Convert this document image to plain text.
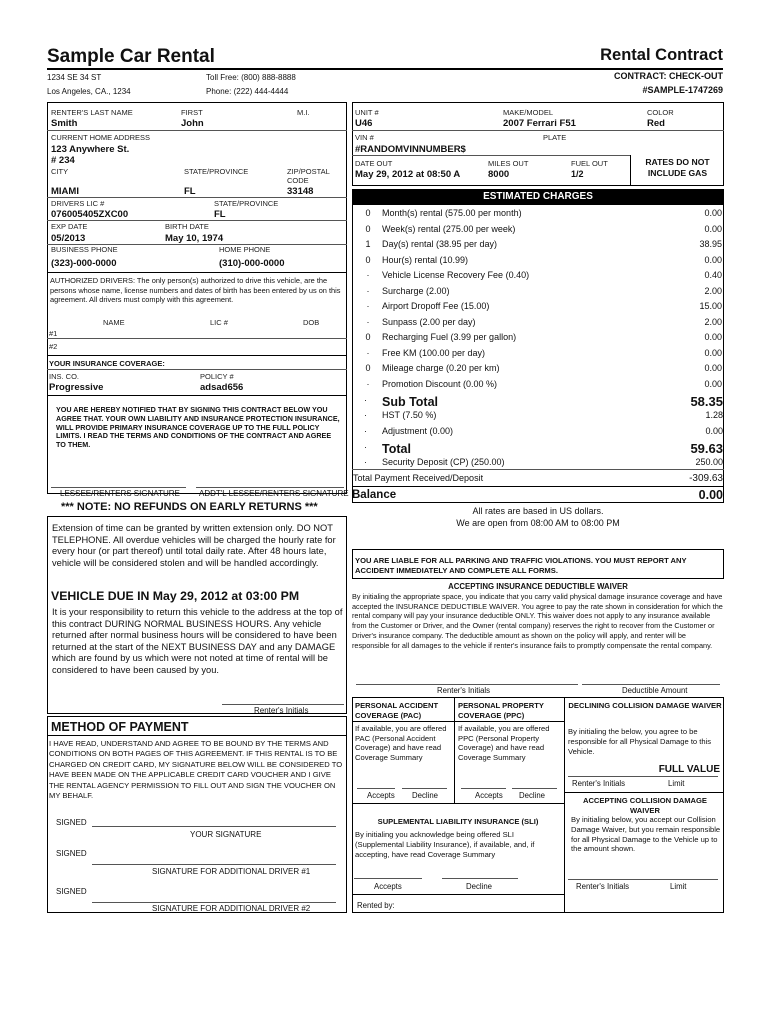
Sample Car Rental	Rental Contract
1234 SE 34 ST
Los Angeles, CA., 1234
Toll Free: (800) 888-8888
Phone: (222) 444-4444
CONTRACT: CHECK-OUT
#SAMPLE-1747269
RENTER'S LAST NAME	FIRST	M.I.
Smith	John
CURRENT HOME ADDRESS
123 Anywhere St.
# 234
CITY	STATE/PROVINCE	ZIP/POSTAL
CODE
MIAMI	FL	33148
DRIVERS LIC #	STATE/PROVINCE
076005405ZXC00	FL
EXP DATE	BIRTH DATE
05/2013	May 10, 1974
BUSINESS PHONE	HOME PHONE
(323)-000-0000	(310)-000-0000
AUTHORIZED DRIVERS: The only person(s) authorized to drive this vehicle, are the persons whose name, license numbers and dates of birth has been entered by us on this agreement. All drivers must comply with this agreement.
NAME	LIC #	DOB
#1
#2
YOUR INSURANCE COVERAGE:
INS. CO.	POLICY #
Progressive	adsad656
YOU ARE HEREBY NOTIFIED THAT BY SIGNING THIS CONTRACT BELOW YOU AGREE THAT. YOUR OWN LIABILITY AND INSURANCE PROTECTION INSURANCE, WILL PROVIDE PRIMARY INSURANCE COVERAGE UP TO THE FULL POLICY LIMITS. I READ THE TERMS AND CONDITIONS OF THE CONTRACT AND AGREE TO THEM.
LESSEE/RENTERS SIGNATURE ADDT'L LESSEE/RENTERS SIGNATURE
*** NOTE: NO REFUNDS ON EARLY RETURNS ***
Extension of time can be granted by written extension only. DO NOT TELEPHONE. All overdue vehicles will be charged the hourly rate for every hour (or part thereof) until total daily rate. After 48 hours late, vehicle will be considered stolen and will be handled accordingly.
VEHICLE DUE IN May 29, 2012 at 03:00 PM
It is your responsibility to return this vehicle to the address at the top of this contract DURING NORMAL BUSINESS HOURS. Any vehicle returned after normal business hours will be considered to have been returned at the start of the NEXT BUSINESS DAY and any DAMAGE which are found by us which were not noted at time of rental will be considered to have been caused by you.
Renter's Initials
METHOD OF PAYMENT
I HAVE READ, UNDERSTAND AND AGREE TO BE BOUND BY THE TERMS AND CONDITIONS ON BOTH PAGES OF THIS AGREEMENT. IF THIS RENTAL IS TO BE CHARGED ON CREDIT CARD, MY SIGNATURE BELOW WILL BE CONSIDERED TO HAVE BEEN MADE ON THE APPLICABLE CREDIT CARD VOUCHER AND I GIVE THE RENTAL AGENCY PERMISSION TO FILL OUT AND SIGN THE VOUCHER ON MY BEHALF.
SIGNED
YOUR SIGNATURE
SIGNED
SIGNATURE FOR ADDITIONAL DRIVER #1
SIGNED
SIGNATURE FOR ADDITIONAL DRIVER #2
UNIT #	MAKE/MODEL	COLOR
U46	2007 Ferrari F51	Red
VIN #	PLATE
#RANDOMVINNUMBER$
DATE OUT	MILES OUT	FUEL OUT
May 29, 2012 at 08:50 A	8000	1/2
RATES DO NOT
INCLUDE GAS
ESTIMATED CHARGES
0	Month(s) rental (575.00 per month)	0.00
0	Week(s) rental (275.00 per week)	0.00
1	Day(s) rental (38.95 per day)	38.95
0	Hour(s) rental (10.99)	0.00
·	Vehicle License Recovery Fee (0.40)	0.40
·	Surcharge (2.00)	2.00
·	Airport Dropoff Fee (15.00)	15.00
·	Sunpass (2.00 per day)	2.00
0	Recharging Fuel (3.99 per gallon)	0.00
·	Free KM (100.00 per day)	0.00
0	Mileage charge (0.20 per km)	0.00
·	Promotion Discount (0.00 %)	0.00
· Sub Total	58.35
· HST (7.50 %)	1.28
· Adjustment (0.00)	0.00
· Total	59.63
· Security Deposit (CP) (250.00)	250.00
Total Payment Received/Deposit	-309.63
Balance	0.00
All rates are based in US dollars.
We are open from 08:00 AM to 08:00 PM
YOU ARE LIABLE FOR ALL PARKING AND TRAFFIC VIOLATIONS. YOU MUST REPORT ANY ACCIDENT IMMEDIATELY AND COMPLETE ALL FORMS.
ACCEPTING INSURANCE DEDUCTIBLE WAIVER
By initialing the appropriate space, you indicate that you carry valid physical damage insurance coverage and have accepted the INSURANCE DEDUCTIBLE WAIVER. You agree to pay the rate shown in consideration for which the rental company will pay your insurance deductible ONLY. This waiver does not apply to any insurance available from the Customer or Driver, and the Owner (rental company) reserves the right to recover from the Customer or Driver's insurance company. The deductible amount as shown on the policy will apply, and renter will be responsible for all damages to the vehicle if renter's insurance fails to promptly compensate the rental company.
Renter's Initials	Deductible Amount
PERSONAL ACCIDENT COVERAGE (PAC)
If available, you are offered PAC (Personal Accident Coverage) and have read Coverage Summary
Accepts Decline
PERSONAL PROPERTY COVERAGE (PPC)
If available, you are offered PPC (Personal Property Coverage) and have read Coverage Summary
Accepts Decline
DECLINING COLLISION DAMAGE WAIVER
By initialing the below, you agree to be responsible for all Physical Damage to this Vehicle.
FULL VALUE
Renter's Initials	Limit
ACCEPTING COLLISION DAMAGE WAIVER
By initialing below, you accept our Collision Damage Waiver, but you remain responsible for all Physical Damage to the Vehicle up to the amount shown.
Renter's Initials	Limit
SUPLEMENTAL LIABILITY INSURANCE (SLI)
By initialing you acknowledge being offered SLI (Supplemental Liability Insurance), if available, and, if accepting, have read Coverage Summary
Accepts	Decline
Rented by:
